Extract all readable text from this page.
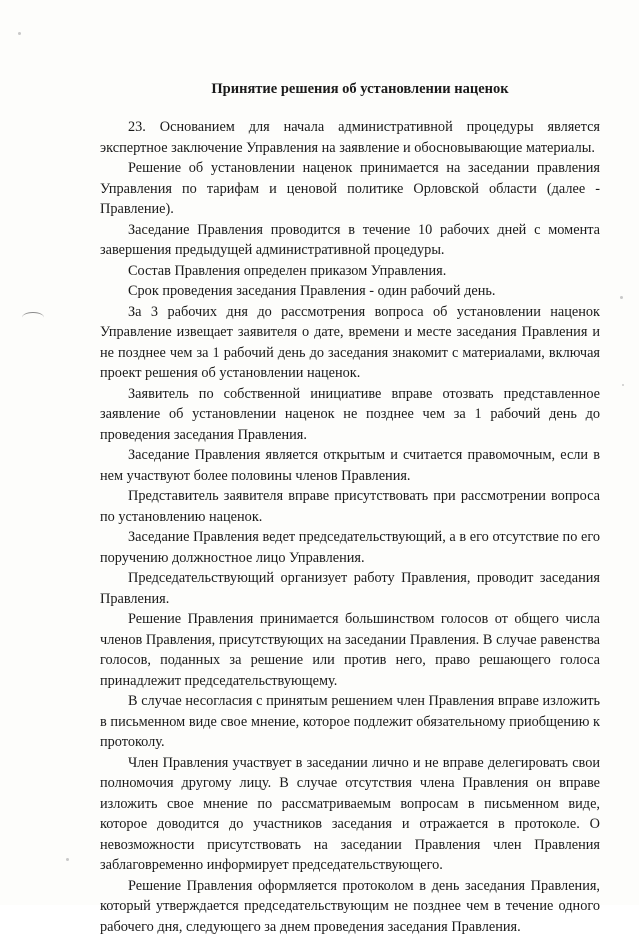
Принятие решения об установлении наценок

23. Основанием для начала административной процедуры является экспертное заключение Управления на заявление и обосновывающие материалы.

Решение об установлении наценок принимается на заседании правления Управления по тарифам и ценовой политике Орловской области (далее - Правление).

Заседание Правления проводится в течение 10 рабочих дней с момента завершения предыдущей административной процедуры.

Состав Правления определен приказом Управления.

Срок проведения заседания Правления - один рабочий день.

За 3 рабочих дня до рассмотрения вопроса об установлении наценок Управление извещает заявителя о дате, времени и месте заседания Правления и не позднее чем за 1 рабочий день до заседания знакомит с материалами, включая проект решения об установлении наценок.

Заявитель по собственной инициативе вправе отозвать представленное заявление об установлении наценок не позднее чем за 1 рабочий день до проведения заседания Правления.

Заседание Правления является открытым и считается правомочным, если в нем участвуют более половины членов Правления.

Представитель заявителя вправе присутствовать при рассмотрении вопроса по установлению наценок.

Заседание Правления ведет председательствующий, а в его отсутствие по его поручению должностное лицо Управления.

Председательствующий организует работу Правления, проводит заседания Правления.

Решение Правления принимается большинством голосов от общего числа членов Правления, присутствующих на заседании Правления. В случае равенства голосов, поданных за решение или против него, право решающего голоса принадлежит председательствующему.

В случае несогласия с принятым решением член Правления вправе изложить в письменном виде свое мнение, которое подлежит обязательному приобщению к протоколу.

Член Правления участвует в заседании лично и не вправе делегировать свои полномочия другому лицу. В случае отсутствия члена Правления он вправе изложить свое мнение по рассматриваемым вопросам в письменном виде, которое доводится до участников заседания и отражается в протоколе. О невозможности присутствовать на заседании Правления член Правления заблаговременно информирует председательствующего.

Решение Правления оформляется протоколом в день заседания Правления, который утверждается председательствующим не позднее чем в течение одного рабочего дня, следующего за днем проведения заседания Правления.
